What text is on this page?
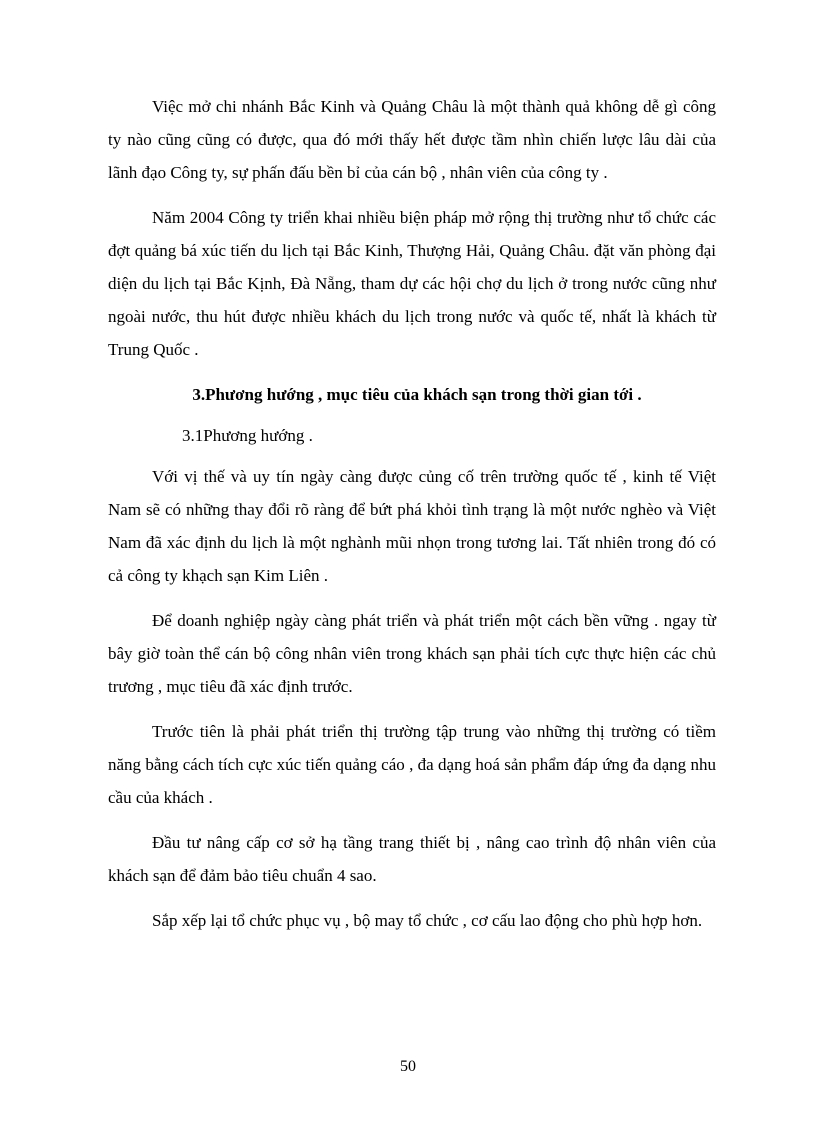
Việc mở chi nhánh Bắc Kinh và Quảng Châu là một thành quả không dễ gì công ty nào cũng cũng có được, qua đó mới thấy hết được tầm nhìn chiến lược lâu dài của lãnh đạo Công ty, sự phấn đấu bền bỉ của cán bộ , nhân viên của công ty .

Năm 2004 Công ty triển khai nhiều biện pháp mở rộng thị trường như tổ chức các đợt quảng bá xúc tiến du lịch tại Bắc Kinh, Thượng Hải, Quảng Châu. đặt văn phòng đại diện du lịch tại Bắc Kịnh, Đà Nẵng, tham dự các hội chợ du lịch ở trong nước cũng như ngoài nước, thu hút được nhiều khách du lịch trong nước và quốc tế, nhất là khách từ Trung Quốc .

3.Phương hướng , mục tiêu của khách sạn trong thời gian tới .

3.1Phương hướng .

Với vị thế và uy tín ngày càng được củng cố trên trường quốc tế , kinh tế Việt Nam sẽ có những thay đổi rõ ràng để bứt phá khỏi tình trạng là một nước nghèo và Việt Nam đã xác định du lịch là một nghành mũi nhọn trong tương lai. Tất nhiên trong đó có cả công ty khạch sạn Kim Liên .

Để doanh nghiệp ngày càng phát triển và phát triển một cách bền vững . ngay từ bây giờ toàn thể cán bộ công nhân viên trong khách sạn phải tích cực thực hiện các chủ trương , mục tiêu đã xác định trước.

Trước tiên là phải phát triển thị trường tập trung vào những thị trường có tiềm năng bằng cách tích cực xúc tiến quảng cáo , đa dạng hoá sản phẩm đáp ứng đa dạng nhu cầu của khách .

Đầu tư nâng cấp cơ sở hạ tầng trang thiết bị , nâng cao trình độ nhân viên của khách sạn để đảm bảo tiêu chuẩn 4 sao.

Sắp xếp lại tổ chức phục vụ , bộ may tổ chức , cơ cấu lao động cho phù hợp hơn.

50
